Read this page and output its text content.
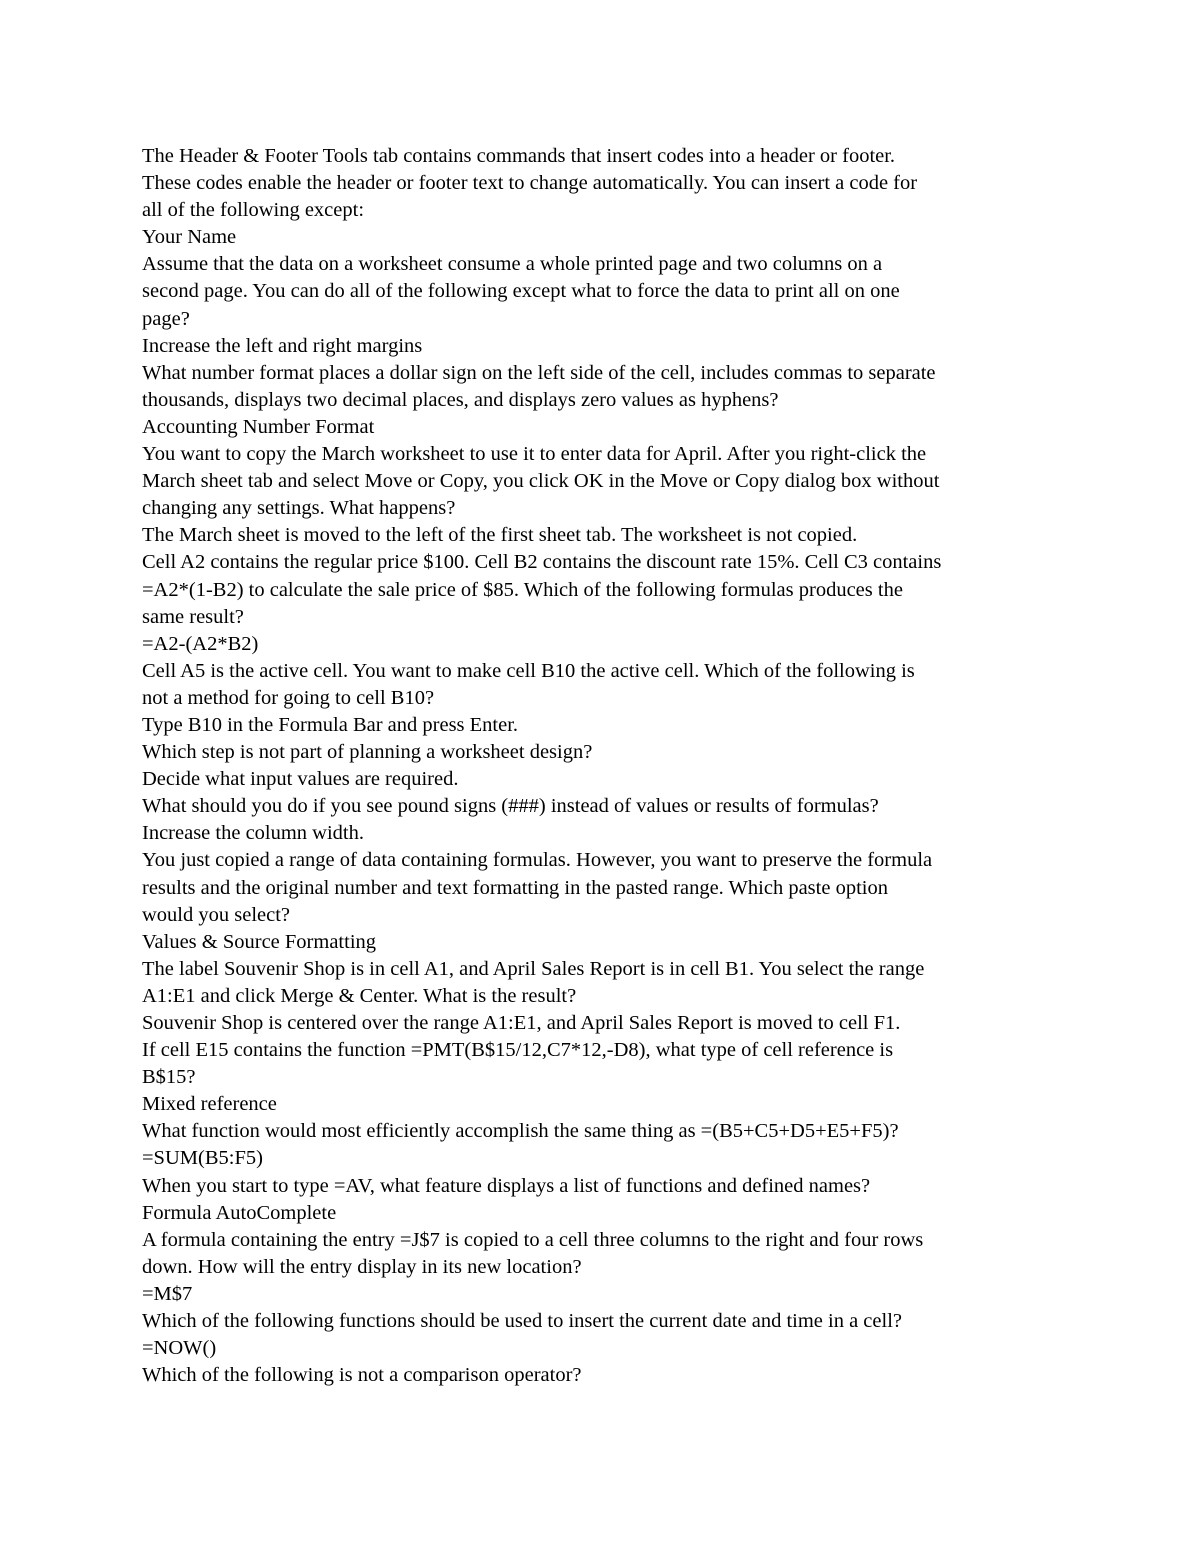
The Header & Footer Tools tab contains commands that insert codes into a header or footer.
These codes enable the header or footer text to change automatically. You can insert a code for
all of the following except:
Your Name
Assume that the data on a worksheet consume a whole printed page and two columns on a
second page. You can do all of the following except what to force the data to print all on one
page?
Increase the left and right margins
What number format places a dollar sign on the left side of the cell, includes commas to separate
thousands, displays two decimal places, and displays zero values as hyphens?
Accounting Number Format
You want to copy the March worksheet to use it to enter data for April. After you right-click the
March sheet tab and select Move or Copy, you click OK in the Move or Copy dialog box without
changing any settings. What happens?
The March sheet is moved to the left of the first sheet tab. The worksheet is not copied.
Cell A2 contains the regular price $100. Cell B2 contains the discount rate 15%. Cell C3 contains
=A2*(1-B2) to calculate the sale price of $85. Which of the following formulas produces the
same result?
=A2-(A2*B2)
Cell A5 is the active cell. You want to make cell B10 the active cell. Which of the following is
not a method for going to cell B10?
Type B10 in the Formula Bar and press Enter.
Which step is not part of planning a worksheet design?
Decide what input values are required.
What should you do if you see pound signs (###) instead of values or results of formulas?
Increase the column width.
You just copied a range of data containing formulas. However, you want to preserve the formula
results and the original number and text formatting in the pasted range. Which paste option
would you select?
Values & Source Formatting
The label Souvenir Shop is in cell A1, and April Sales Report is in cell B1. You select the range
A1:E1 and click Merge & Center. What is the result?
Souvenir Shop is centered over the range A1:E1, and April Sales Report is moved to cell F1.
If cell E15 contains the function =PMT(B$15/12,C7*12,-D8), what type of cell reference is
B$15?
Mixed reference
What function would most efficiently accomplish the same thing as =(B5+C5+D5+E5+F5)?
=SUM(B5:F5)
When you start to type =AV, what feature displays a list of functions and defined names?
Formula AutoComplete
A formula containing the entry =J$7 is copied to a cell three columns to the right and four rows
down. How will the entry display in its new location?
=M$7
Which of the following functions should be used to insert the current date and time in a cell?
=NOW()
Which of the following is not a comparison operator?
